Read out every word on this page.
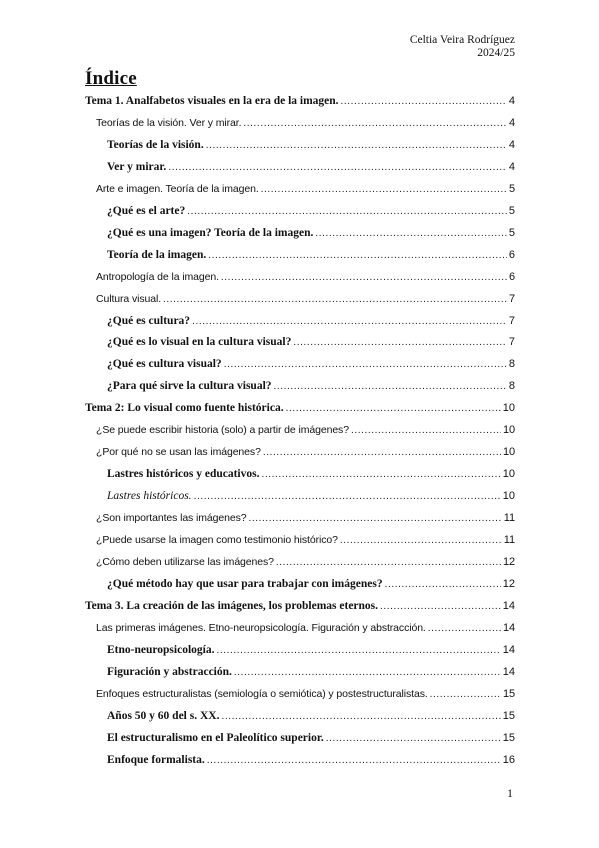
Celtia Veira Rodríguez
2024/25
Índice
Tema 1. Analfabetos visuales en la era de la imagen. .....	4
Teorías de la visión. Ver y mirar. .....	4
Teorías de la visión. .....	4
Ver y mirar. .....	4
Arte e imagen. Teoría de la imagen. .....	5
¿Qué es el arte? .....	5
¿Qué es una imagen? Teoría de la imagen. .....	5
Teoría de la imagen. .....	6
Antropología de la imagen. .....	6
Cultura visual. .....	7
¿Qué es cultura? .....	7
¿Qué es lo visual en la cultura visual? .....	7
¿Qué es cultura visual? .....	8
¿Para qué sirve la cultura visual? .....	8
Tema 2: Lo visual como fuente histórica. .....	10
¿Se puede escribir historia (solo) a partir de imágenes? .....	10
¿Por qué no se usan las imágenes? .....	10
Lastres históricos y educativos. .....	10
Lastres históricos. .....	10
¿Son importantes las imágenes? .....	11
¿Puede usarse la imagen como testimonio histórico? .....	11
¿Cómo deben utilizarse las imágenes? .....	12
¿Qué método hay que usar para trabajar con imágenes? .....	12
Tema 3. La creación de las imágenes, los problemas eternos. .....	14
Las primeras imágenes. Etno-neuropsicología. Figuración y abstracción. .....	14
Etno-neuropsicología. .....	14
Figuración y abstracción. .....	14
Enfoques estructuralistas (semiología o semiótica) y postestructuralistas. .....	15
Años 50 y 60 del s. XX. .....	15
El estructuralismo en el Paleolítico superior. .....	15
Enfoque formalista. .....	16
1
